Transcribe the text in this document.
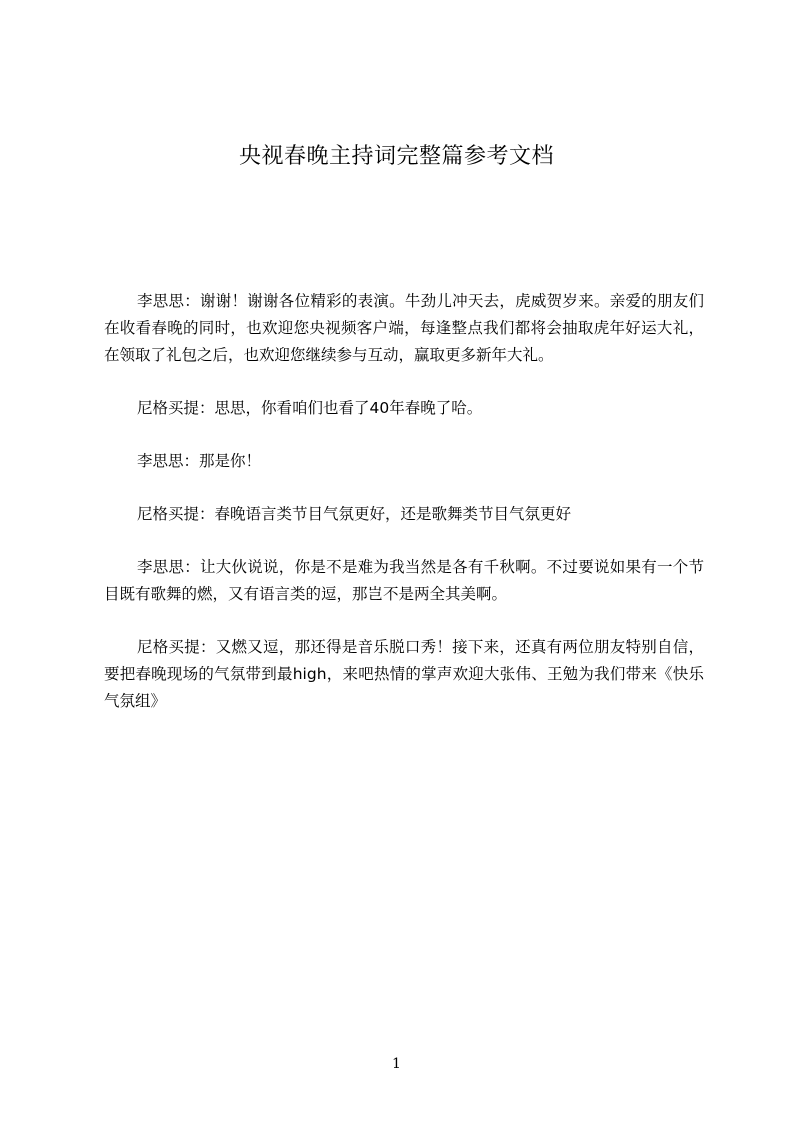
央视春晚主持词完整篇参考文档

李思思：谢谢！谢谢各位精彩的表演。牛劲儿冲天去，虎威贺岁来。亲爱的朋友们在收看春晚的同时，也欢迎您央视频客户端，每逢整点我们都将会抽取虎年好运大礼，在领取了礼包之后，也欢迎您继续参与互动，赢取更多新年大礼。

尼格买提：思思，你看咱们也看了40年春晚了哈。

李思思：那是你！

尼格买提：春晚语言类节目气氛更好，还是歌舞类节目气氛更好

李思思：让大伙说说，你是不是难为我当然是各有千秋啊。不过要说如果有一个节目既有歌舞的燃，又有语言类的逗，那岂不是两全其美啊。

尼格买提：又燃又逗，那还得是音乐脱口秀！接下来，还真有两位朋友特别自信，要把春晚现场的气氛带到最high，来吧热情的掌声欢迎大张伟、王勉为我们带来《快乐气氛组》

1
